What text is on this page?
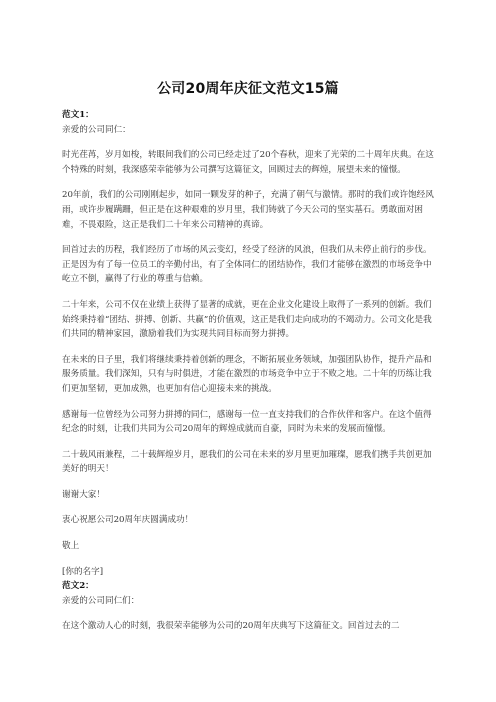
公司20周年庆征文范文15篇

范文1：

亲爱的公司同仁：

时光荏苒，岁月如梭，转眼间我们的公司已经走过了20个春秋，迎来了光荣的二十周年庆典。在这个特殊的时刻，我深感荣幸能够为公司撰写这篇征文，回顾过去的辉煌，展望未来的憧憬。

20年前，我们的公司刚刚起步，如同一颗发芽的种子，充满了朝气与激情。那时的我们或许饱经风雨，或许步履蹒跚，但正是在这种艰难的岁月里，我们铸就了今天公司的坚实基石。勇敢面对困难，不畏艰险，这正是我们二十年来公司精神的真谛。

回首过去的历程，我们经历了市场的风云变幻，经受了经济的风浪，但我们从未停止前行的步伐。正是因为有了每一位员工的辛勤付出，有了全体同仁的团结协作，我们才能够在激烈的市场竞争中屹立不倒，赢得了行业的尊重与信赖。

二十年来，公司不仅在业绩上获得了显著的成就，更在企业文化建设上取得了一系列的创新。我们始终秉持着“团结、拼搏、创新、共赢”的价值观，这正是我们走向成功的不竭动力。公司文化是我们共同的精神家园，激励着我们为实现共同目标而努力拼搏。

在未来的日子里，我们将继续秉持着创新的理念，不断拓展业务领域，加强团队协作，提升产品和服务质量。我们深知，只有与时俱进，才能在激烈的市场竞争中立于不败之地。二十年的历练让我们更加坚韧，更加成熟，也更加有信心迎接未来的挑战。

感谢每一位曾经为公司努力拼搏的同仁，感谢每一位一直支持我们的合作伙伴和客户。在这个值得纪念的时刻，让我们共同为公司20周年的辉煌成就而自豪，同时为未来的发展而憧憬。

二十载风雨兼程，二十载辉煌岁月，愿我们的公司在未来的岁月里更加璀璨，愿我们携手共创更加美好的明天！

谢谢大家！

衷心祝愿公司20周年庆圆满成功！

敬上

[你的名字]

范文2：

亲爱的公司同仁们：

在这个激动人心的时刻，我很荣幸能够为公司的20周年庆典写下这篇征文。回首过去的二
